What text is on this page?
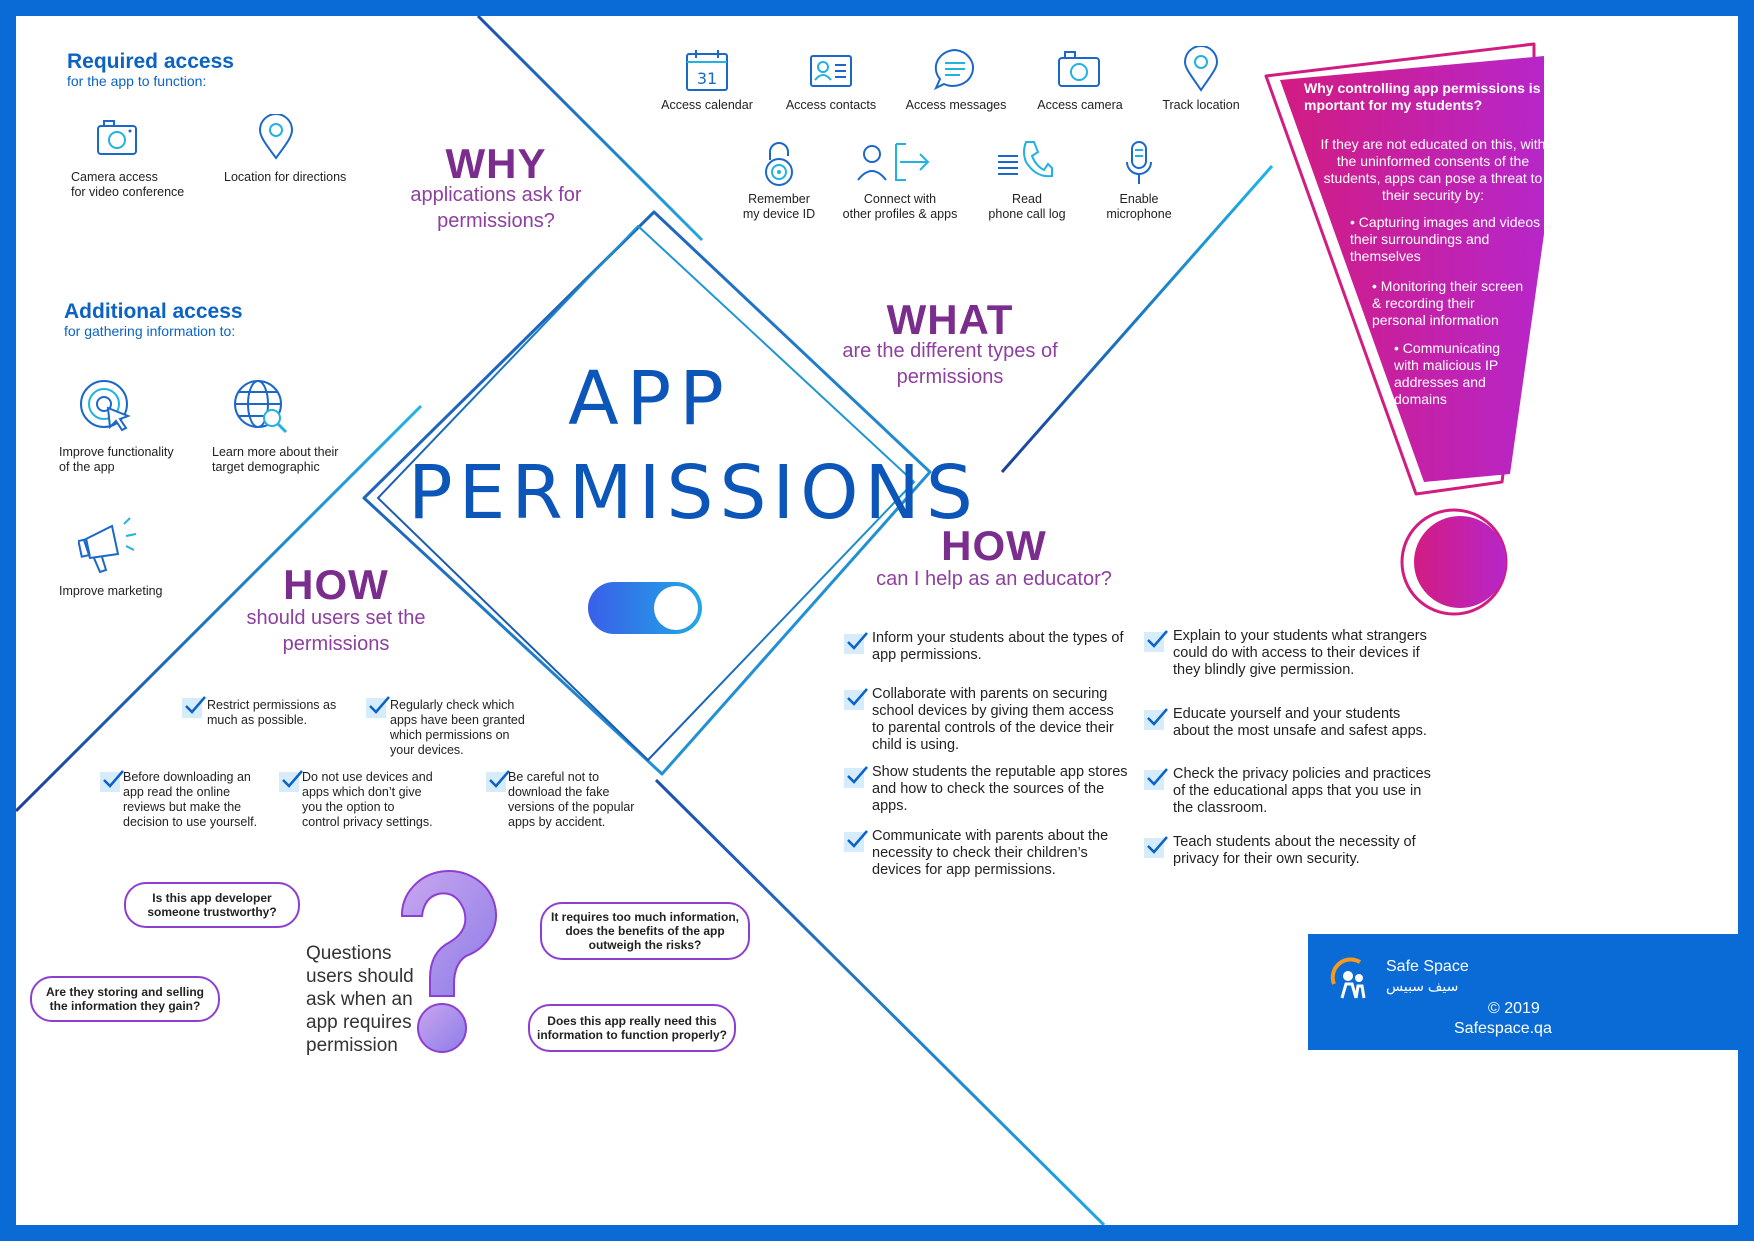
Required access
for the app to function:
Camera access
for video conference
Location for directions
Additional access
for gathering information to:
Improve functionality
of the app
Learn more about their
target demographic
Improve marketing
WHY
applications ask for
permissions?
APP
PERMISSIONS
WHAT
are the different types of
permissions
31
Access calendar	Access contacts	Access messages	Access camera	Track location
Remember
my device ID
Connect with
other profiles & apps
Read
phone call log
Enable
microphone
HOW
should users set the
permissions
Restrict permissions as
much as possible.
Regularly check which
apps have been granted
which permissions on
your devices.
Before downloading an
app read the online
reviews but make the
decision to use yourself.
Do not use devices and
apps which don’t give
you the option to
control privacy settings.
Be careful not to
download the fake
versions of the popular
apps by accident.
HOW
can I help as an educator?
Inform your students about the types of
app permissions.
Collaborate with parents on securing
school devices by giving them access
to parental controls of the device their
child is using.
Show students the reputable app stores
and how to check the sources of the
apps.
Communicate with parents about the
necessity to check their children’s
devices for app permissions.
Explain to your students what strangers
could do with access to their devices if
they blindly give permission.
Educate yourself and your students
about the most unsafe and safest apps.
Check the privacy policies and practices
of the educational apps that you use in
the classroom.
Teach students about the necessity of
privacy for their own security.
Questions
users should
ask when an
app requires
permission
Is this app developer
someone trustworthy?
Are they storing and selling
the information they gain?
It requires too much information,
does the benefits of the app
outweigh the risks?
Does this app really need this
information to function properly?
Why controlling app permissions is
mportant for my students?
If they are not educated on this, with
the uninformed consents of the
students, apps can pose a threat to
their security by:
• Capturing images and videos of
their surroundings and
themselves
• Monitoring their screen
& recording their
personal information
• Communicating
with malicious IP
addresses and
domains
Safe Space
سيف سبيس
© 2019
Safespace.qa
